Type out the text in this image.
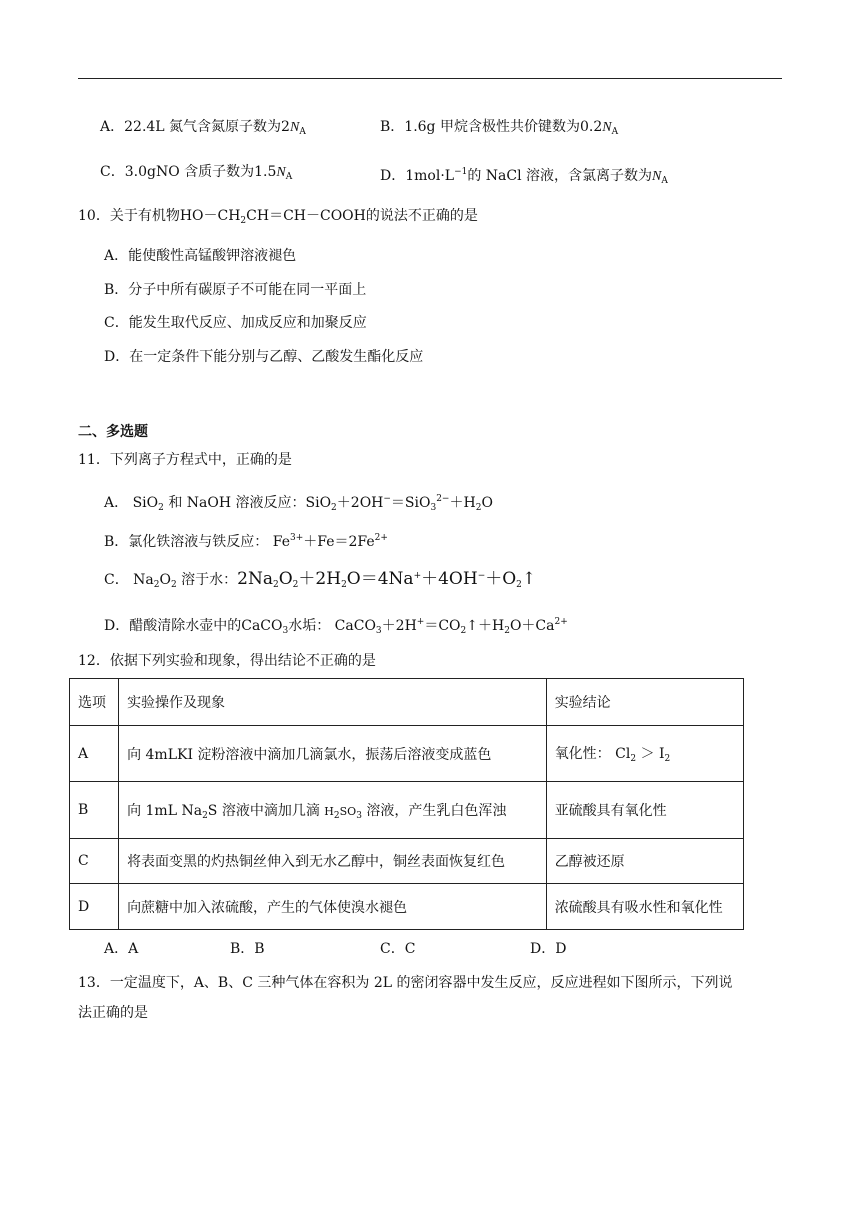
A．22.4L 氮气含氮原子数为$2N_A$	B．1.6g 甲烷含极性共价键数为$0.2N_A$
C．3.0gNO 含质子数为$1.5N_A$	D．$1mol\cdot L^{-1}$的 NaCl 溶液，含氯离子数为$N_A$
10．关于有机物$HO-CH_2CH=CH-COOH$的说法不正确的是
A．能使酸性高锰酸钾溶液褪色
B．分子中所有碳原子不可能在同一平面上
C．能发生取代反应、加成反应和加聚反应
D．在一定条件下能分别与乙醇、乙酸发生酯化反应
二、多选题
11．下列离子方程式中，正确的是
A． SiO$_2$ 和 NaOH 溶液反应：$SiO_2+2OH^-=SiO_3^{2-}+H_2O$
B．氯化铁溶液与铁反应： $Fe^{3+}+Fe=2Fe^{2+}$
C． $Na_2O_2$ 溶于水：$2Na_2O_2+2H_2O=4Na^++4OH^-+O_2↑$
D．醋酸清除水壶中的CaCO$_3$水垢： $CaCO_3+2H^+=CO_2↑+H_2O+Ca^{2+}$
12．依据下列实验和现象，得出结论不正确的是
选项	实验操作及现象	实验结论
A	向 4mLKI 淀粉溶液中滴加几滴氯水，振荡后溶液变成蓝色	氧化性： $Cl_2 > I_2$
B	向 1mL $Na_2S$ 溶液中滴加几滴 $H_2SO_3$ 溶液，产生乳白色浑浊	亚硫酸具有氧化性
C	将表面变黑的灼热铜丝伸入到无水乙醇中，铜丝表面恢复红色	乙醇被还原
D	向蔗糖中加入浓硫酸，产生的气体使溴水褪色	浓硫酸具有吸水性和氧化性
A．A	B．B	C．C	D．D
13．一定温度下，A、B、C 三种气体在容积为 2L 的密闭容器中发生反应，反应进程如下图所示，下列说
法正确的是
